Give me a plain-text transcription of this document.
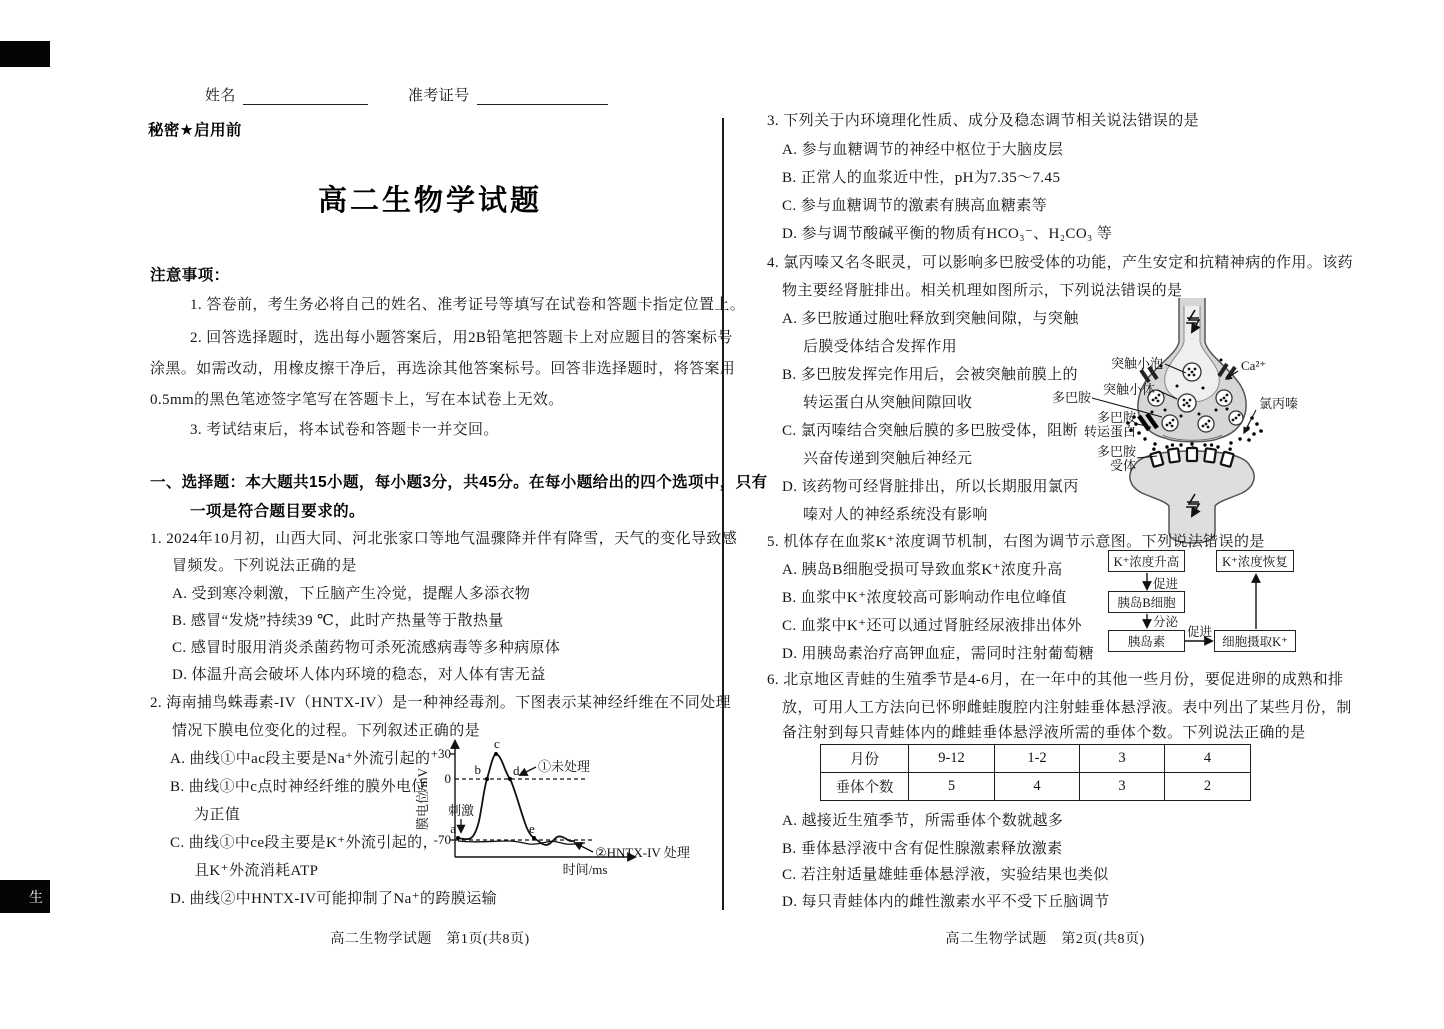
生
姓名	准考证号
秘密★启用前
高二生物学试题
注意事项：
1. 答卷前，考生务必将自己的姓名、准考证号等填写在试卷和答题卡指定位置上。
2. 回答选择题时，选出每小题答案后，用2B铅笔把答题卡上对应题目的答案标号
涂黑。如需改动，用橡皮擦干净后，再选涂其他答案标号。回答非选择题时，将答案用
0.5mm的黑色笔迹签字笔写在答题卡上，写在本试卷上无效。
3. 考试结束后，将本试卷和答题卡一并交回。
一、选择题：本大题共15小题，每小题3分，共45分。在每小题给出的四个选项中，只有
一项是符合题目要求的。
1. 2024年10月初，山西大同、河北张家口等地气温骤降并伴有降雪，天气的变化导致感
冒频发。下列说法正确的是
A. 受到寒冷刺激，下丘脑产生冷觉，提醒人多添衣物
B. 感冒“发烧”持续39 ℃，此时产热量等于散热量
C. 感冒时服用消炎杀菌药物可杀死流感病毒等多种病原体
D. 体温升高会破坏人体内环境的稳态，对人体有害无益
2. 海南捕鸟蛛毒素-IV（HNTX-IV）是一种神经毒剂。下图表示某神经纤维在不同处理
情况下膜电位变化的过程。下列叙述正确的是
A. 曲线①中ac段主要是Na⁺外流引起的
B. 曲线①中c点时神经纤维的膜外电位
为正值
C. 曲线①中ce段主要是K⁺外流引起的，
且K⁺外流消耗ATP
D. 曲线②中HNTX-IV可能抑制了Na⁺的跨膜运输
+30
0
-70
膜电位/mV
时间/ms
a
b
c
d
e
刺激
①未处理
②HNTX-IV 处理
高二生物学试题　第1页(共8页)
3. 下列关于内环境理化性质、成分及稳态调节相关说法错误的是
A. 参与血糖调节的神经中枢位于大脑皮层
B. 正常人的血浆近中性，pH为7.35～7.45
C. 参与血糖调节的激素有胰高血糖素等
D. 参与调节酸碱平衡的物质有HCO₃⁻、H₂CO₃ 等
4. 氯丙嗪又名冬眠灵，可以影响多巴胺受体的功能，产生安定和抗精神病的作用。该药
物主要经肾脏排出。相关机理如图所示，下列说法错误的是
A. 多巴胺通过胞吐释放到突触间隙，与突触
后膜受体结合发挥作用
B. 多巴胺发挥完作用后，会被突触前膜上的
转运蛋白从突触间隙回收
C. 氯丙嗪结合突触后膜的多巴胺受体，阻断
兴奋传递到突触后神经元
D. 该药物可经肾脏排出，所以长期服用氯丙
嗪对人的神经系统没有影响
突触小泡	Ca²⁺
突触小体
多巴胺	氯丙嗪
多巴胺
转运蛋白
多巴胺
受体
5. 机体存在血浆K⁺浓度调节机制，右图为调节示意图。下列说法错误的是
A. 胰岛B细胞受损可导致血浆K⁺浓度升高
B. 血浆中K⁺浓度较高可影响动作电位峰值
C. 血浆中K⁺还可以通过肾脏经尿液排出体外
D. 用胰岛素治疗高钾血症，需同时注射葡萄糖
K⁺浓度升高	K⁺浓度恢复
胰岛B细胞
胰岛素	细胞摄取K⁺
促进
分泌
促进
6. 北京地区青蛙的生殖季节是4-6月，在一年中的其他一些月份，要促进卵的成熟和排
放，可用人工方法向已怀卵雌蛙腹腔内注射蛙垂体悬浮液。表中列出了某些月份，制
备注射到每只青蛙体内的雌蛙垂体悬浮液所需的垂体个数。下列说法正确的是
月份	9-12	1-2	3	4
垂体个数	5	4	3	2
A. 越接近生殖季节，所需垂体个数就越多
B. 垂体悬浮液中含有促性腺激素释放激素
C. 若注射适量雄蛙垂体悬浮液，实验结果也类似
D. 每只青蛙体内的雌性激素水平不受下丘脑调节
高二生物学试题　第2页(共8页)
